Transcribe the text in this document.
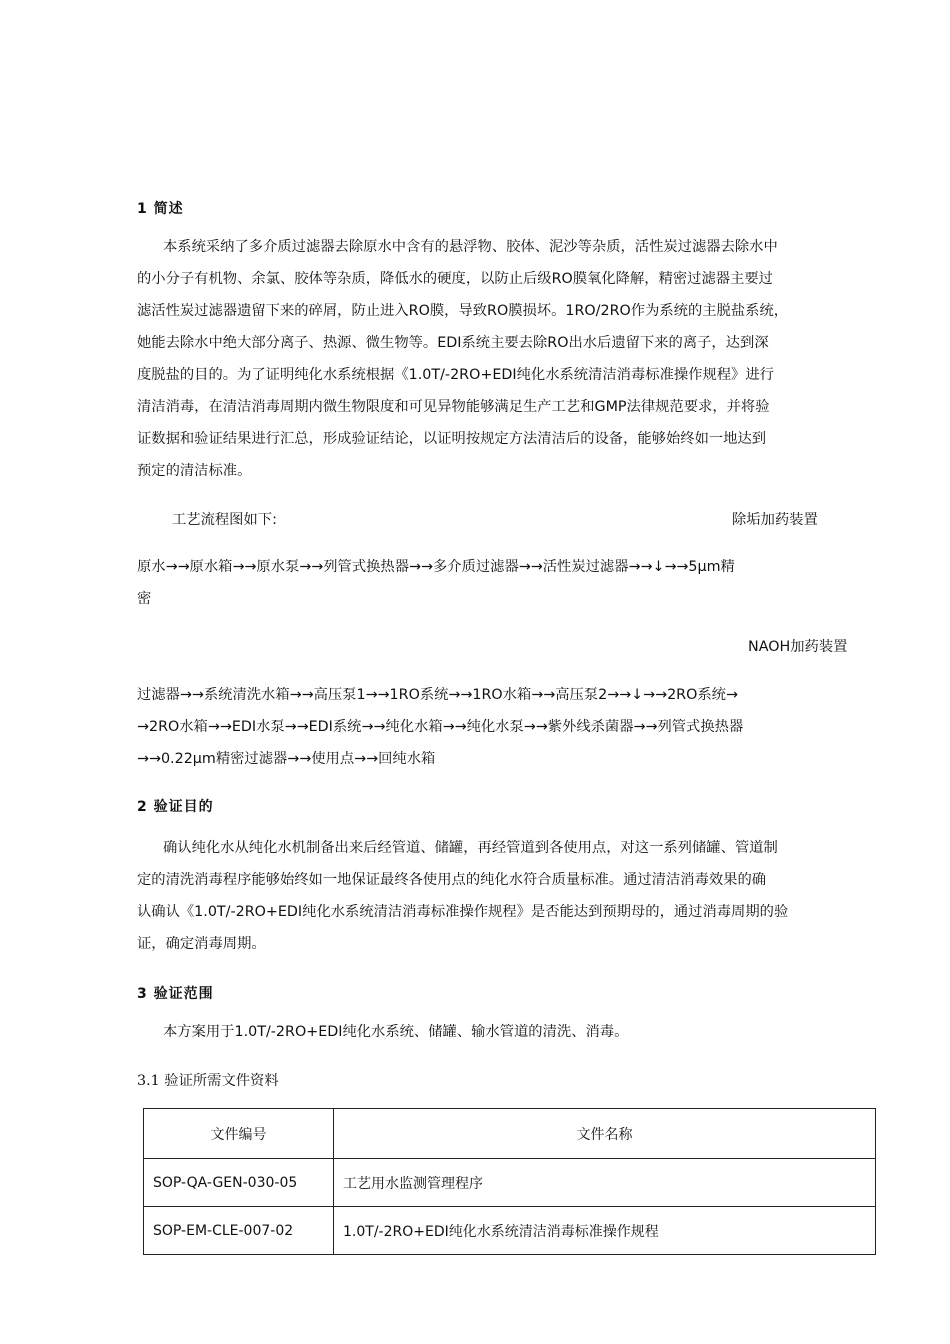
1 简述
本系统采纳了多介质过滤器去除原水中含有的悬浮物、胶体、泥沙等杂质，活性炭过滤器去除水中
的小分子有机物、余氯、胶体等杂质，降低水的硬度，以防止后级RO膜氧化降解，精密过滤器主要过
滤活性炭过滤器遗留下来的碎屑，防止进入RO膜，导致RO膜损坏。1RO/2RO作为系统的主脱盐系统，
她能去除水中绝大部分离子、热源、微生物等。EDI系统主要去除RO出水后遗留下来的离子，达到深
度脱盐的目的。为了证明纯化水系统根据《1.0T/-2RO+EDI纯化水系统清洁消毒标准操作规程》进行
清洁消毒，在清洁消毒周期内微生物限度和可见异物能够满足生产工艺和GMP法律规范要求，并将验
证数据和验证结果进行汇总，形成验证结论，以证明按规定方法清洁后的设备，能够始终如一地达到
预定的清洁标准。
工艺流程图如下:	除垢加药装置
原水→→原水箱→→原水泵→→列管式换热器→→多介质过滤器→→活性炭过滤器→→↓→→5μm精
密
NAOH加药装置
过滤器→→系统清洗水箱→→高压泵1→→1RO系统→→1RO水箱→→高压泵2→→↓→→2RO系统→
→2RO水箱→→EDI水泵→→EDI系统→→纯化水箱→→纯化水泵→→紫外线杀菌器→→列管式换热器
→→0.22μm精密过滤器→→使用点→→回纯水箱
2 验证目的
确认纯化水从纯化水机制备出来后经管道、储罐，再经管道到各使用点，对这一系列储罐、管道制
定的清洗消毒程序能够始终如一地保证最终各使用点的纯化水符合质量标准。通过清洁消毒效果的确
认确认《1.0T/-2RO+EDI纯化水系统清洁消毒标准操作规程》是否能达到预期母的，通过消毒周期的验
证，确定消毒周期。
3 验证范围
本方案用于1.0T/-2RO+EDI纯化水系统、储罐、输水管道的清洗、消毒。
3.1 验证所需文件资料
文件编号	文件名称
SOP-QA-GEN-030-05	工艺用水监测管理程序
SOP-EM-CLE-007-02	1.0T/-2RO+EDI纯化水系统清洁消毒标准操作规程
